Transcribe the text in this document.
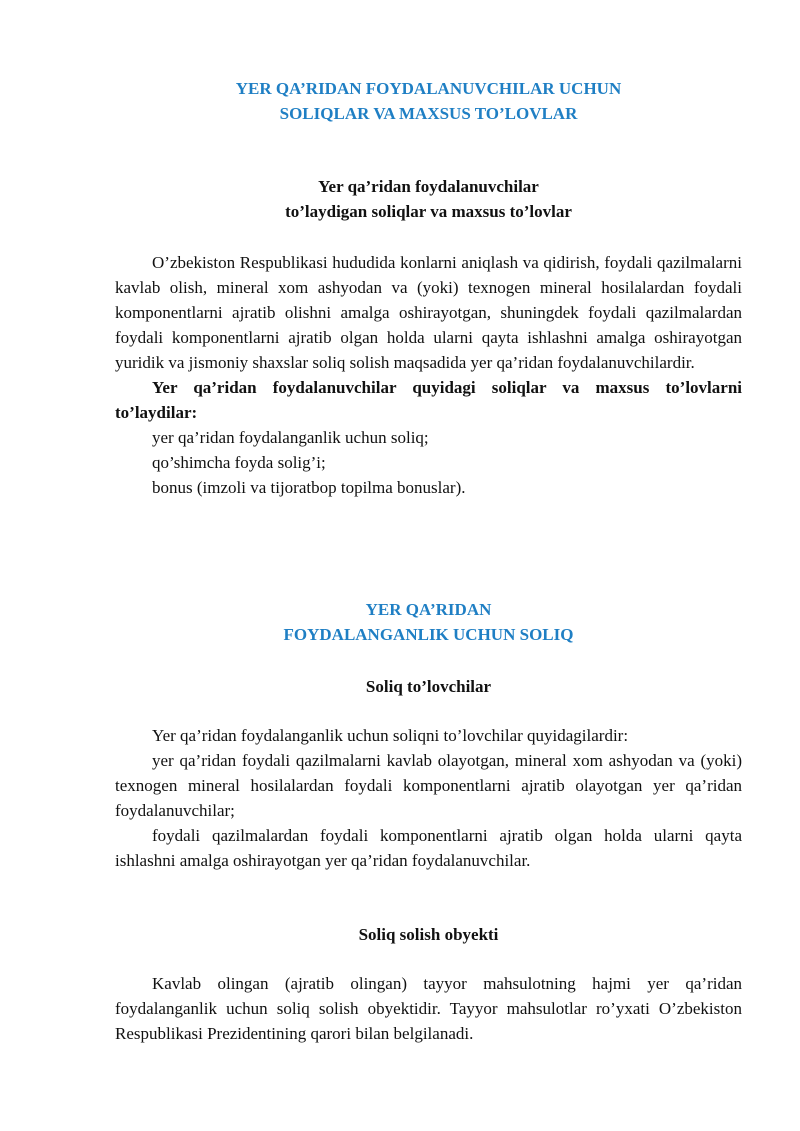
YER QA’RIDAN FOYDALANUVCHILAR UCHUN
SOLIQLAR VA MAXSUS TO’LOVLAR
Yer qa’ridan foydalanuvchilar
to’laydigan soliqlar va maxsus to’lovlar

O’zbekiston Respublikasi hududida konlarni aniqlash va qidirish, foydali qazilmalarni kavlab olish, mineral xom ashyodan va (yoki) texnogen mineral hosilalardan foydali komponentlarni ajratib olishni amalga oshirayotgan, shuningdek foydali qazilmalardan foydali komponentlarni ajratib olgan holda ularni qayta ishlashni amalga oshirayotgan yuridik va jismoniy shaxslar soliq solish maqsadida yer qa’ridan foydalanuvchilardir.

Yer qa’ridan foydalanuvchilar quyidagi soliqlar va maxsus to’lovlarni to’laydilar:

yer qa’ridan foydalanganlik uchun soliq;

qo’shimcha foyda solig’i;

bonus (imzoli va tijoratbop topilma bonuslar).

YER QA’RIDAN
FOYDALANGANLIK UCHUN SOLIQ
Soliq to’lovchilar

Yer qa’ridan foydalanganlik uchun soliqni to’lovchilar quyidagilardir:

yer qa’ridan foydali qazilmalarni kavlab olayotgan, mineral xom ashyodan va (yoki) texnogen mineral hosilalardan foydali komponentlarni ajratib olayotgan yer qa’ridan foydalanuvchilar;

foydali qazilmalardan foydali komponentlarni ajratib olgan holda ularni qayta ishlashni amalga oshirayotgan yer qa’ridan foydalanuvchilar.

Soliq solish obyekti

Kavlab olingan (ajratib olingan) tayyor mahsulotning hajmi yer qa’ridan foydalanganlik uchun soliq solish obyektidir. Tayyor mahsulotlar ro’yxati O’zbekiston Respublikasi Prezidentining qarori bilan belgilanadi.
